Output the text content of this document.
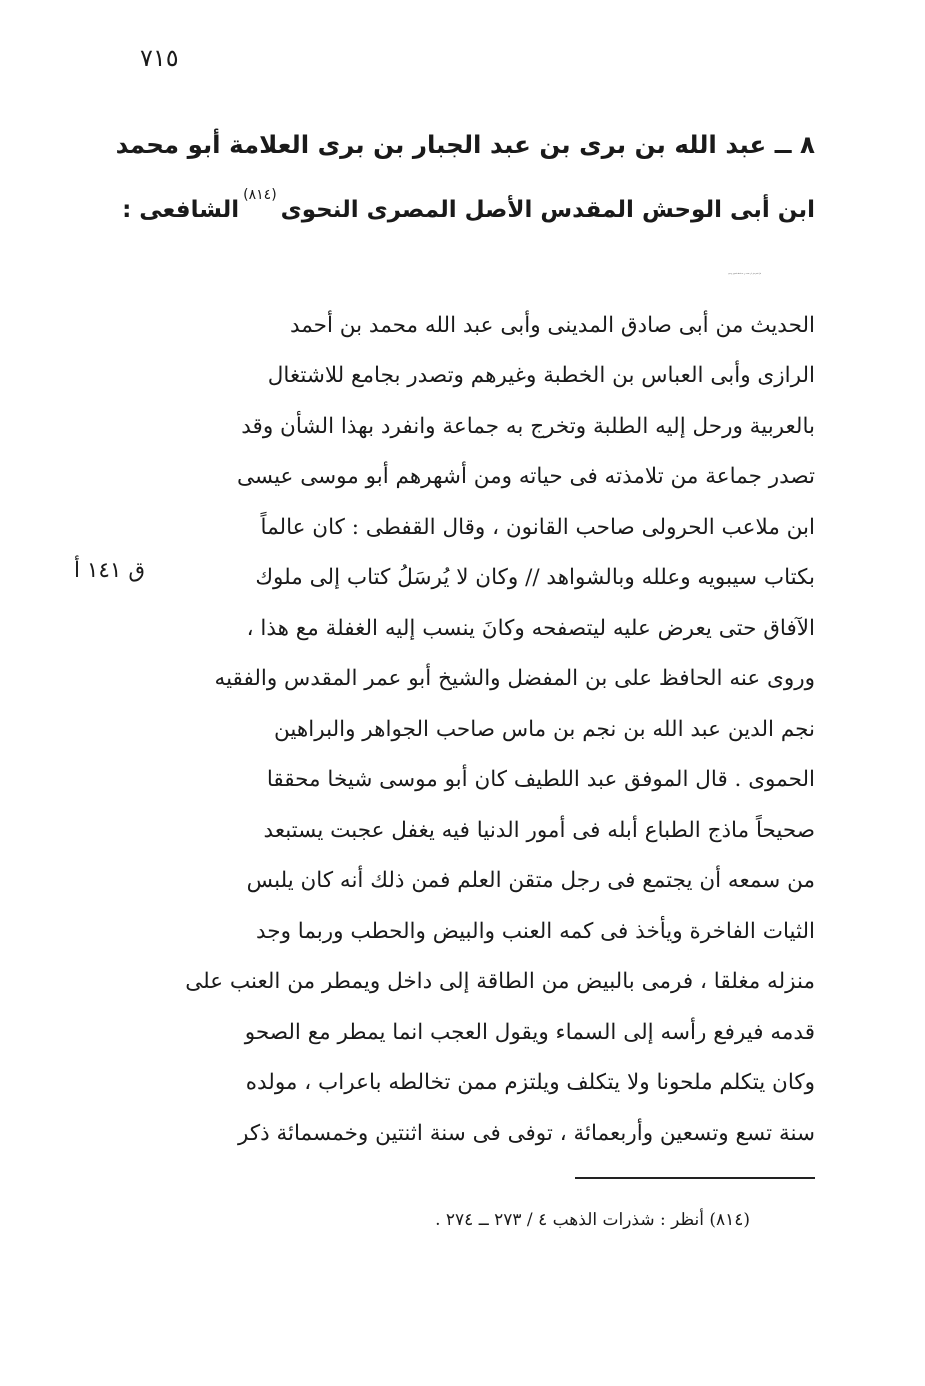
٧١٥
٨ ــ عبد الله بن برى بن عبد الجبار بن برى العلامة أبو محمد
ابن أبى الوحش المقدس الأصل المصرى النحوى$^{(٨١٤)}$الشافعى :
قرأ النحو على أبى محمد بن عبد الملك النحوى وسمع
الحديث من أبى صادق المدينى وأبى عبد الله محمد بن أحمد
الرازى وأبى العباس بن الخطبة وغيرهم وتصدر بجامع للاشتغال
بالعربية ورحل إليه الطلبة وتخرج به جماعة وانفرد بهذا الشأن وقد
تصدر جماعة من تلامذته فى حياته ومن أشهرهم أبو موسى عيسى
ابن ملاعب الحرولى صاحب القانون ، وقال القفطى : كان عالماً
بكتاب سيبويه وعلله وبالشواهد // وكان لا يُرسَلُ كتاب إلى ملوك
الآفاق حتى يعرض عليه ليتصفحه وكانَ ينسب إليه الغفلة مع هذا ،
وروى عنه الحافظ على بن المفضل والشيخ أبو عمر المقدس والفقيه
نجم الدين عبد الله بن نجم بن ماس صاحب الجواهر والبراهين
الحموى . قال الموفق عبد اللطيف كان أبو موسى شيخا محققا
صحيحاً ماذج الطباع أبله فى أمور الدنيا فيه يغفل عجبت يستبعد
من سمعه أن يجتمع فى رجل متقن العلم فمن ذلك أنه كان يلبس
الثيات الفاخرة ويأخذ فى كمه العنب والبيض والحطب وربما وجد
منزله مغلقا ، فرمى بالبيض من الطاقة إلى داخل ويمطر من العنب على
قدمه فيرفع رأسه إلى السماء ويقول العجب انما يمطر مع الصحو
وكان يتكلم ملحونا ولا يتكلف ويلتزم ممن تخالطه باعراب ، مولده
سنة تسع وتسعين وأربعمائة ، توفى فى سنة اثنتين وخمسمائة ذكر
ق ١٤١ أ
(٨١٤) أنظر : شذرات الذهب ٤ / ٢٧٣ ــ ٢٧٤ .
